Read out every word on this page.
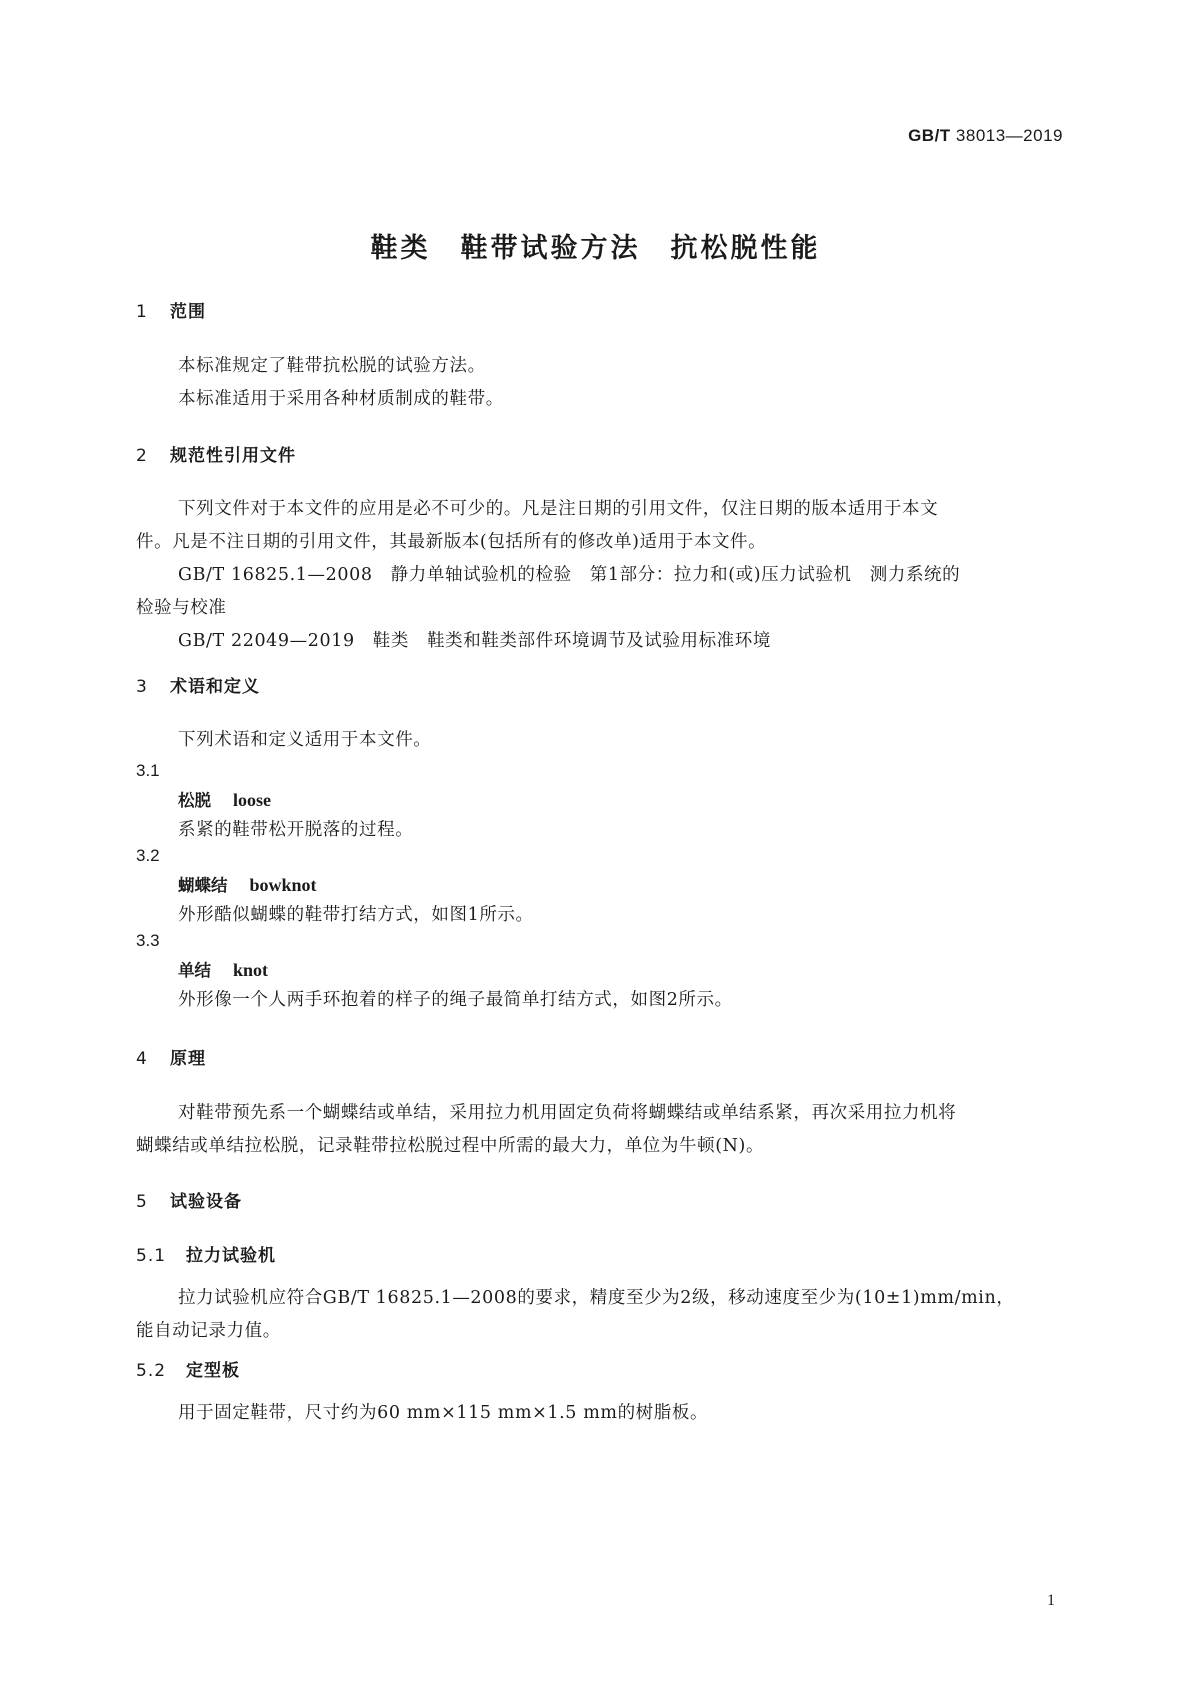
GB/T 38013—2019
鞋类　鞋带试验方法　抗松脱性能
1 范围
本标准规定了鞋带抗松脱的试验方法。
本标准适用于采用各种材质制成的鞋带。
2 规范性引用文件
下列文件对于本文件的应用是必不可少的。凡是注日期的引用文件，仅注日期的版本适用于本文
件。凡是不注日期的引用文件，其最新版本(包括所有的修改单)适用于本文件。
GB/T 16825.1—2008　静力单轴试验机的检验　第1部分：拉力和(或)压力试验机　测力系统的
检验与校准
GB/T 22049—2019　鞋类　鞋类和鞋类部件环境调节及试验用标准环境
3 术语和定义
下列术语和定义适用于本文件。
3.1
松脱 loose
系紧的鞋带松开脱落的过程。
3.2
蝴蝶结 bowknot
外形酷似蝴蝶的鞋带打结方式，如图1所示。
3.3
单结 knot
外形像一个人两手环抱着的样子的绳子最简单打结方式，如图2所示。
4 原理
对鞋带预先系一个蝴蝶结或单结，采用拉力机用固定负荷将蝴蝶结或单结系紧，再次采用拉力机将
蝴蝶结或单结拉松脱，记录鞋带拉松脱过程中所需的最大力，单位为牛顿(N)。
5 试验设备
5.1 拉力试验机
拉力试验机应符合GB/T 16825.1—2008的要求，精度至少为2级，移动速度至少为(10±1)mm/min，
能自动记录力值。
5.2 定型板
用于固定鞋带，尺寸约为60 mm×115 mm×1.5 mm的树脂板。
1
